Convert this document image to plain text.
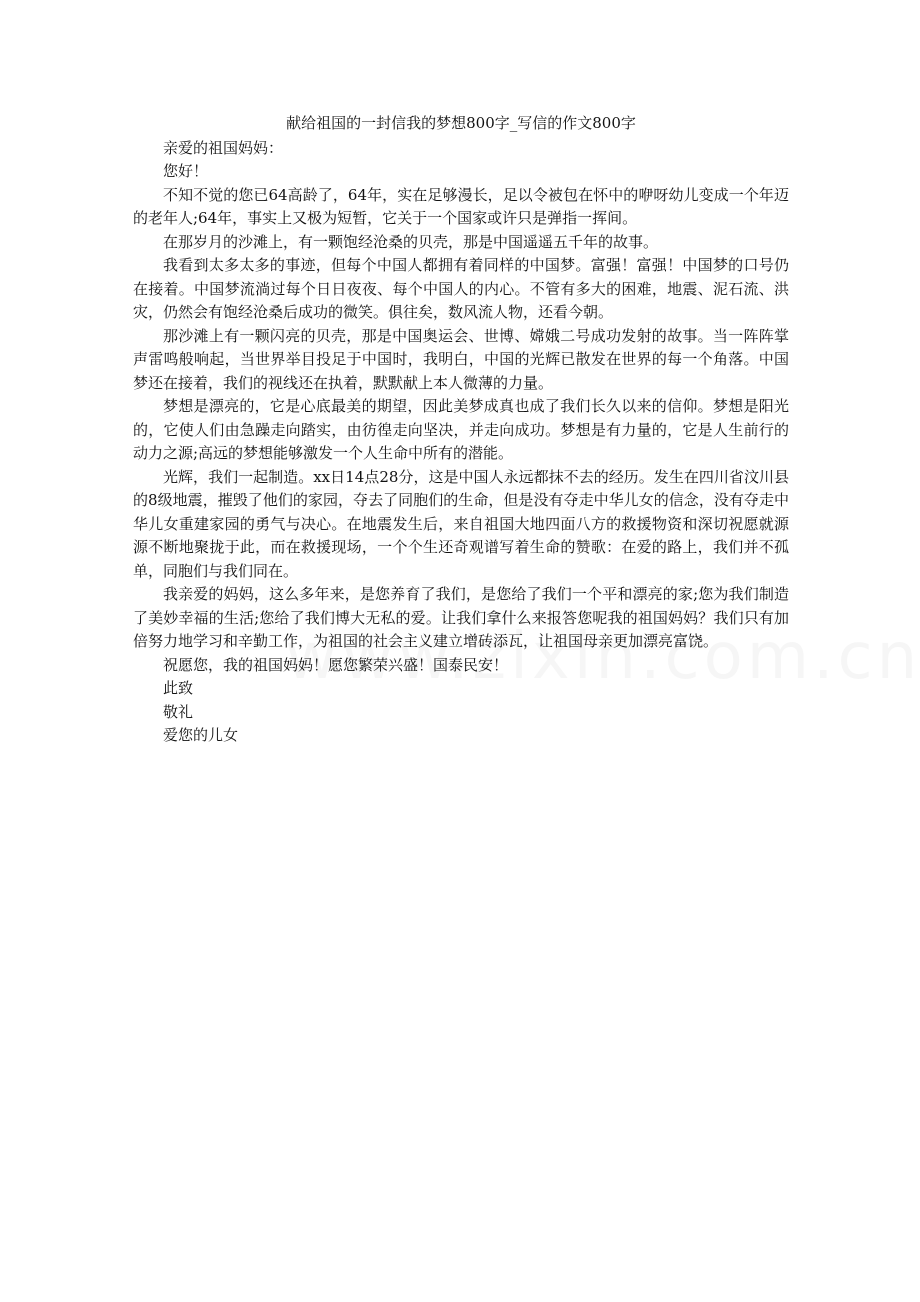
献给祖国的一封信我的梦想800字_写信的作文800字

亲爱的祖国妈妈：

您好！

不知不觉的您已64高龄了，64年，实在足够漫长，足以令被包在怀中的咿呀幼儿变成一个年迈的老年人;64年，事实上又极为短暂，它关于一个国家或许只是弹指一挥间。

在那岁月的沙滩上，有一颗饱经沧桑的贝壳，那是中国遥遥五千年的故事。

我看到太多太多的事迹，但每个中国人都拥有着同样的中国梦。富强！富强！中国梦的口号仍在接着。中国梦流淌过每个日日夜夜、每个中国人的内心。不管有多大的困难，地震、泥石流、洪灾，仍然会有饱经沧桑后成功的微笑。俱往矣，数风流人物，还看今朝。

那沙滩上有一颗闪亮的贝壳，那是中国奥运会、世博、嫦娥二号成功发射的故事。当一阵阵掌声雷鸣般响起，当世界举目投足于中国时，我明白，中国的光辉已散发在世界的每一个角落。中国梦还在接着，我们的视线还在执着，默默献上本人微薄的力量。

梦想是漂亮的，它是心底最美的期望，因此美梦成真也成了我们长久以来的信仰。梦想是阳光的，它使人们由急躁走向踏实，由彷徨走向坚决，并走向成功。梦想是有力量的，它是人生前行的动力之源;高远的梦想能够激发一个人生命中所有的潜能。

光辉，我们一起制造。xx日14点28分，这是中国人永远都抹不去的经历。发生在四川省汶川县的8级地震，摧毁了他们的家园，夺去了同胞们的生命，但是没有夺走中华儿女的信念，没有夺走中华儿女重建家园的勇气与决心。在地震发生后，来自祖国大地四面八方的救援物资和深切祝愿就源源不断地聚拢于此，而在救援现场，一个个生还奇观谱写着生命的赞歌：在爱的路上，我们并不孤单，同胞们与我们同在。

我亲爱的妈妈，这么多年来，是您养育了我们，是您给了我们一个平和漂亮的家;您为我们制造了美妙幸福的生活;您给了我们博大无私的爱。让我们拿什么来报答您呢我的祖国妈妈？我们只有加倍努力地学习和辛勤工作，为祖国的社会主义建立增砖添瓦，让祖国母亲更加漂亮富饶。

祝愿您，我的祖国妈妈！愿您繁荣兴盛！国泰民安！

此致

敬礼

爱您的儿女
